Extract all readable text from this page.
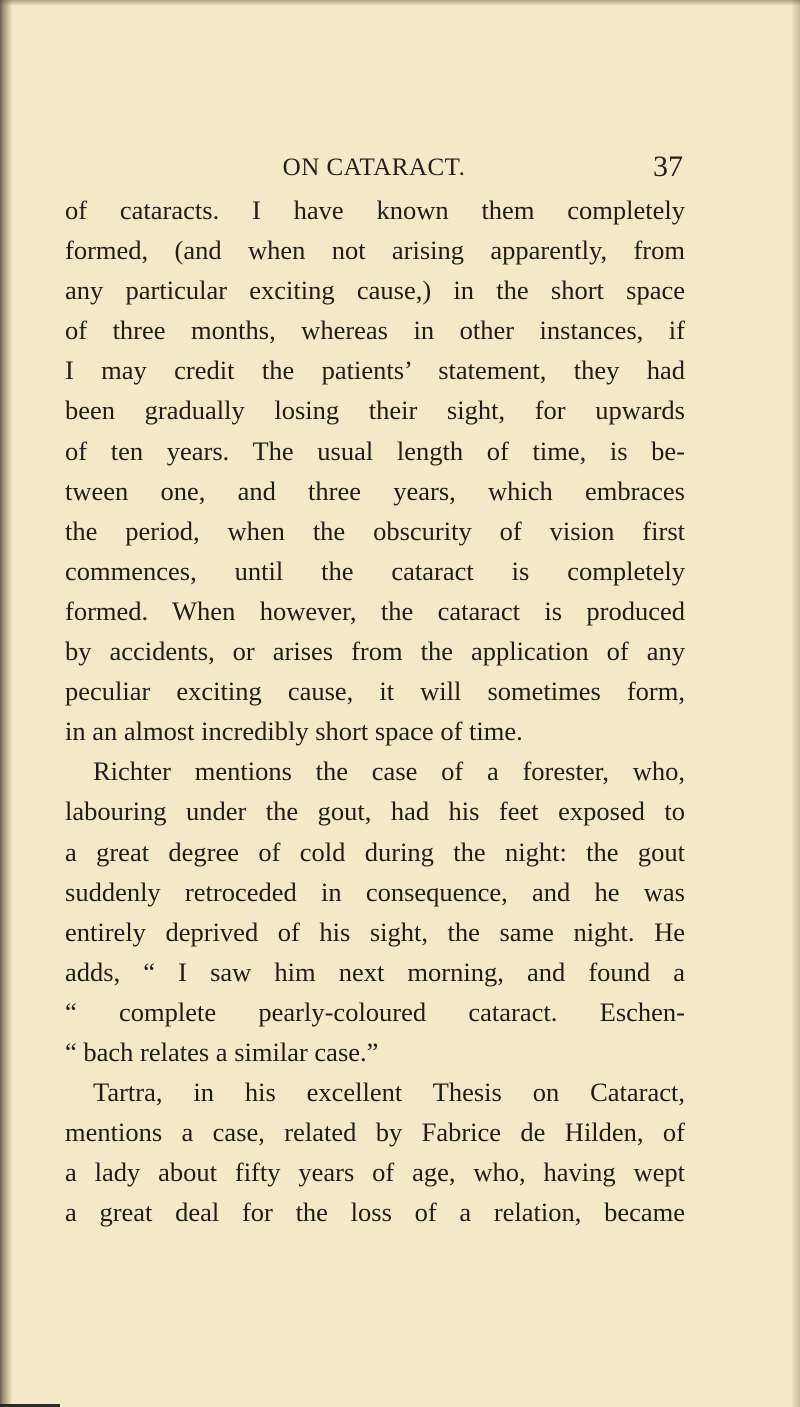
ON CATARACT.	37
of cataracts. I have known them completely
formed, (and when not arising apparently, from
any particular exciting cause,) in the short space
of three months, whereas in other instances, if
I may credit the patients’ statement, they had
been gradually losing their sight, for upwards
of ten years. The usual length of time, is be-
tween one, and three years, which embraces
the period, when the obscurity of vision first
commences, until the cataract is completely
formed. When however, the cataract is produced
by accidents, or arises from the application of any
peculiar exciting cause, it will sometimes form,
in an almost incredibly short space of time.
Richter mentions the case of a forester, who,
labouring under the gout, had his feet exposed to
a great degree of cold during the night: the gout
suddenly retroceded in consequence, and he was
entirely deprived of his sight, the same night. He
adds, “ I saw him next morning, and found a
“ complete pearly-coloured cataract. Eschen-
“ bach relates a similar case.”
Tartra, in his excellent Thesis on Cataract,
mentions a case, related by Fabrice de Hilden, of
a lady about fifty years of age, who, having wept
a great deal for the loss of a relation, became
